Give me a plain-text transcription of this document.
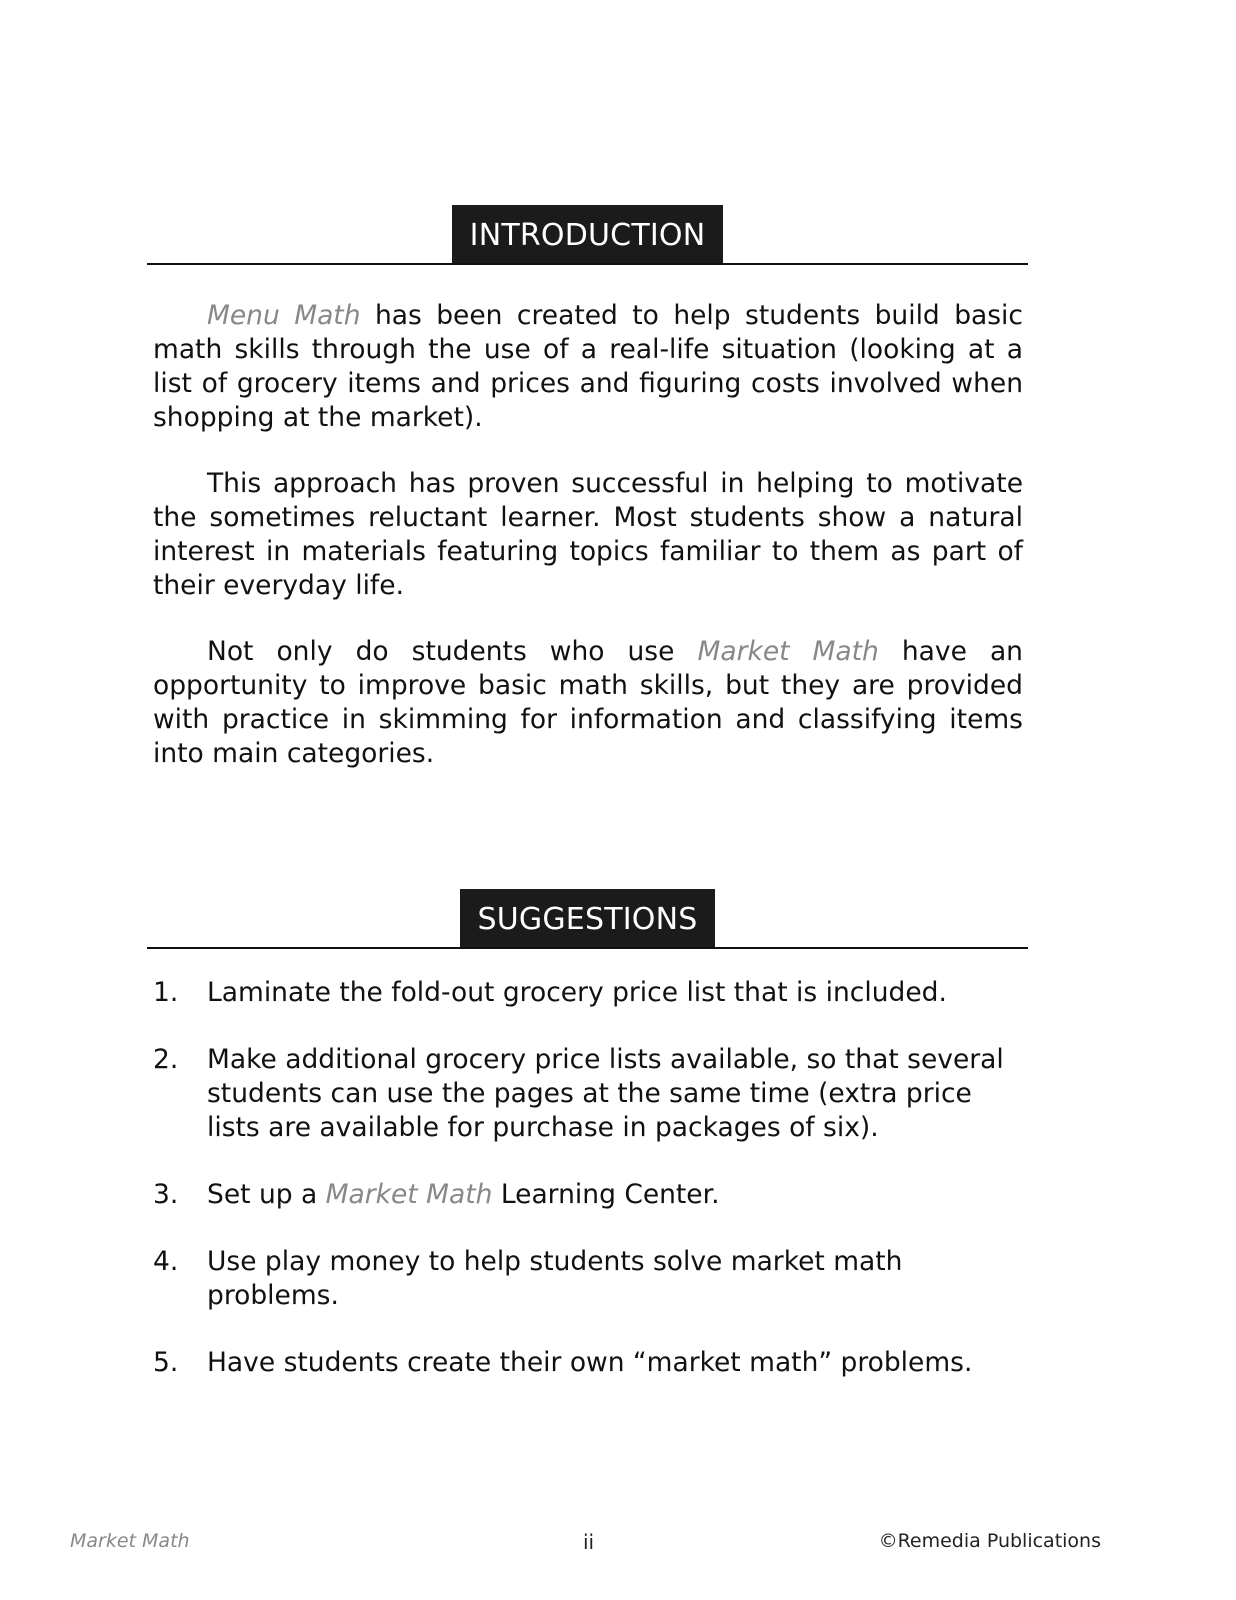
INTRODUCTION

Menu Math has been created to help students build basic math skills through the use of a real-life situation (looking at a list of grocery items and prices and figuring costs involved when shopping at the market).

This approach has proven successful in helping to motivate the sometimes reluctant learner. Most students show a natural interest in materials featuring topics familiar to them as part of their everyday life.

Not only do students who use Market Math have an opportunity to improve basic math skills, but they are provided with practice in skimming for information and classifying items into main categories.

SUGGESTIONS
1. Laminate the fold-out grocery price list that is included.
2. Make additional grocery price lists available, so that several students can use the pages at the same time (extra price lists are available for purchase in packages of six).
3. Set up a Market Math Learning Center.
4. Use play money to help students solve market math problems.
5. Have students create their own “market math” problems.
Market Math	ii	©Remedia Publications
